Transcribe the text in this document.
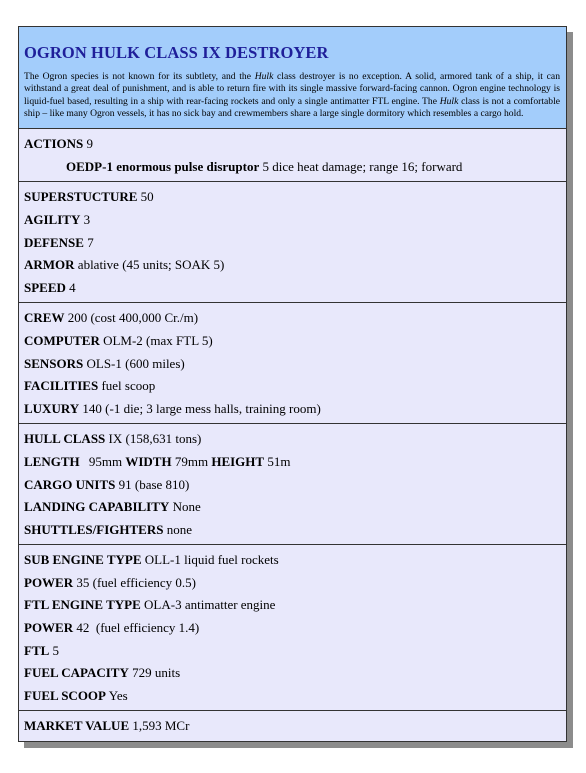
OGRON HULK CLASS IX DESTROYER

The Ogron species is not known for its subtlety, and the Hulk class destroyer is no exception. A solid, armored tank of a ship, it can withstand a great deal of punishment, and is able to return fire with its single massive forward-facing cannon. Ogron engine technology is liquid-fuel based, resulting in a ship with rear-facing rockets and only a single antimatter FTL engine. The Hulk class is not a comfortable ship – like many Ogron vessels, it has no sick bay and crewmembers share a large single dormitory which resembles a cargo hold.

ACTIONS 9
OEDP-1 enormous pulse disruptor 5 dice heat damage; range 16; forward
SUPERSTUCTURE 50
AGILITY 3
DEFENSE 7
ARMOR ablative (45 units; SOAK 5)
SPEED 4
CREW 200 (cost 400,000 Cr./m)
COMPUTER OLM-2 (max FTL 5)
SENSORS OLS-1 (600 miles)
FACILITIES fuel scoop
LUXURY 140 (-1 die; 3 large mess halls, training room)
HULL CLASS IX (158,631 tons)
LENGTH 95mm WIDTH 79mm HEIGHT 51m
CARGO UNITS 91 (base 810)
LANDING CAPABILITY None
SHUTTLES/FIGHTERS none
SUB ENGINE TYPE OLL-1 liquid fuel rockets
POWER 35 (fuel efficiency 0.5)
FTL ENGINE TYPE OLA-3 antimatter engine
POWER 42  (fuel efficiency 1.4)
FTL 5
FUEL CAPACITY 729 units
FUEL SCOOP Yes
MARKET VALUE 1,593 MCr
